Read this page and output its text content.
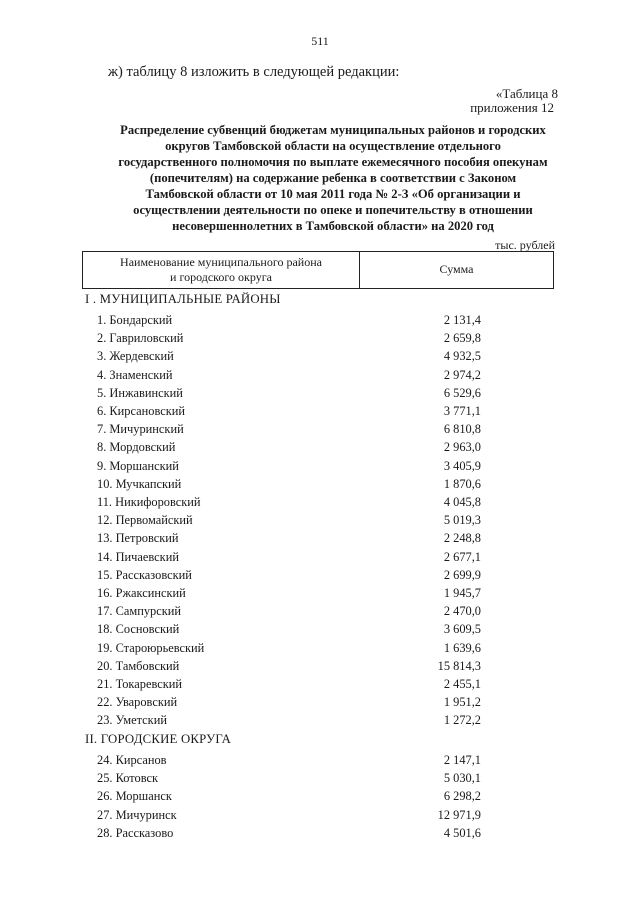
511
ж) таблицу 8 изложить в следующей редакции:
«Таблица 8
приложения 12
Распределение субвенций бюджетам муниципальных районов и городских
округов Тамбовской области на осуществление отдельного
государственного полномочия по выплате ежемесячного пособия опекунам
(попечителям) на содержание ребенка в соответствии с Законом
Тамбовской области от 10 мая 2011 года № 2-З «Об организации и
осуществлении деятельности по опеке и попечительству в отношении
несовершеннолетних в Тамбовской области» на 2020 год
тыс. рублей
Наименование муниципального района
и городского округа
Сумма
I . МУНИЦИПАЛЬНЫЕ РАЙОНЫ
1. Бондарский	2 131,4
2. Гавриловский	2 659,8
3. Жердевский	4 932,5
4. Знаменский	2 974,2
5. Инжавинский	6 529,6
6. Кирсановский	3 771,1
7. Мичуринский	6 810,8
8. Мордовский	2 963,0
9. Моршанский	3 405,9
10. Мучкапский	1 870,6
11. Никифоровский	4 045,8
12. Первомайский	5 019,3
13. Петровский	2 248,8
14. Пичаевский	2 677,1
15. Рассказовский	2 699,9
16. Ржаксинский	1 945,7
17. Сампурский	2 470,0
18. Сосновский	3 609,5
19. Староюрьевский	1 639,6
20. Тамбовский	15 814,3
21. Токаревский	2 455,1
22. Уваровский	1 951,2
23. Уметский	1 272,2
II. ГОРОДСКИЕ ОКРУГА
24. Кирсанов	2 147,1
25. Котовск	5 030,1
26. Моршанск	6 298,2
27. Мичуринск	12 971,9
28. Рассказово	4 501,6
